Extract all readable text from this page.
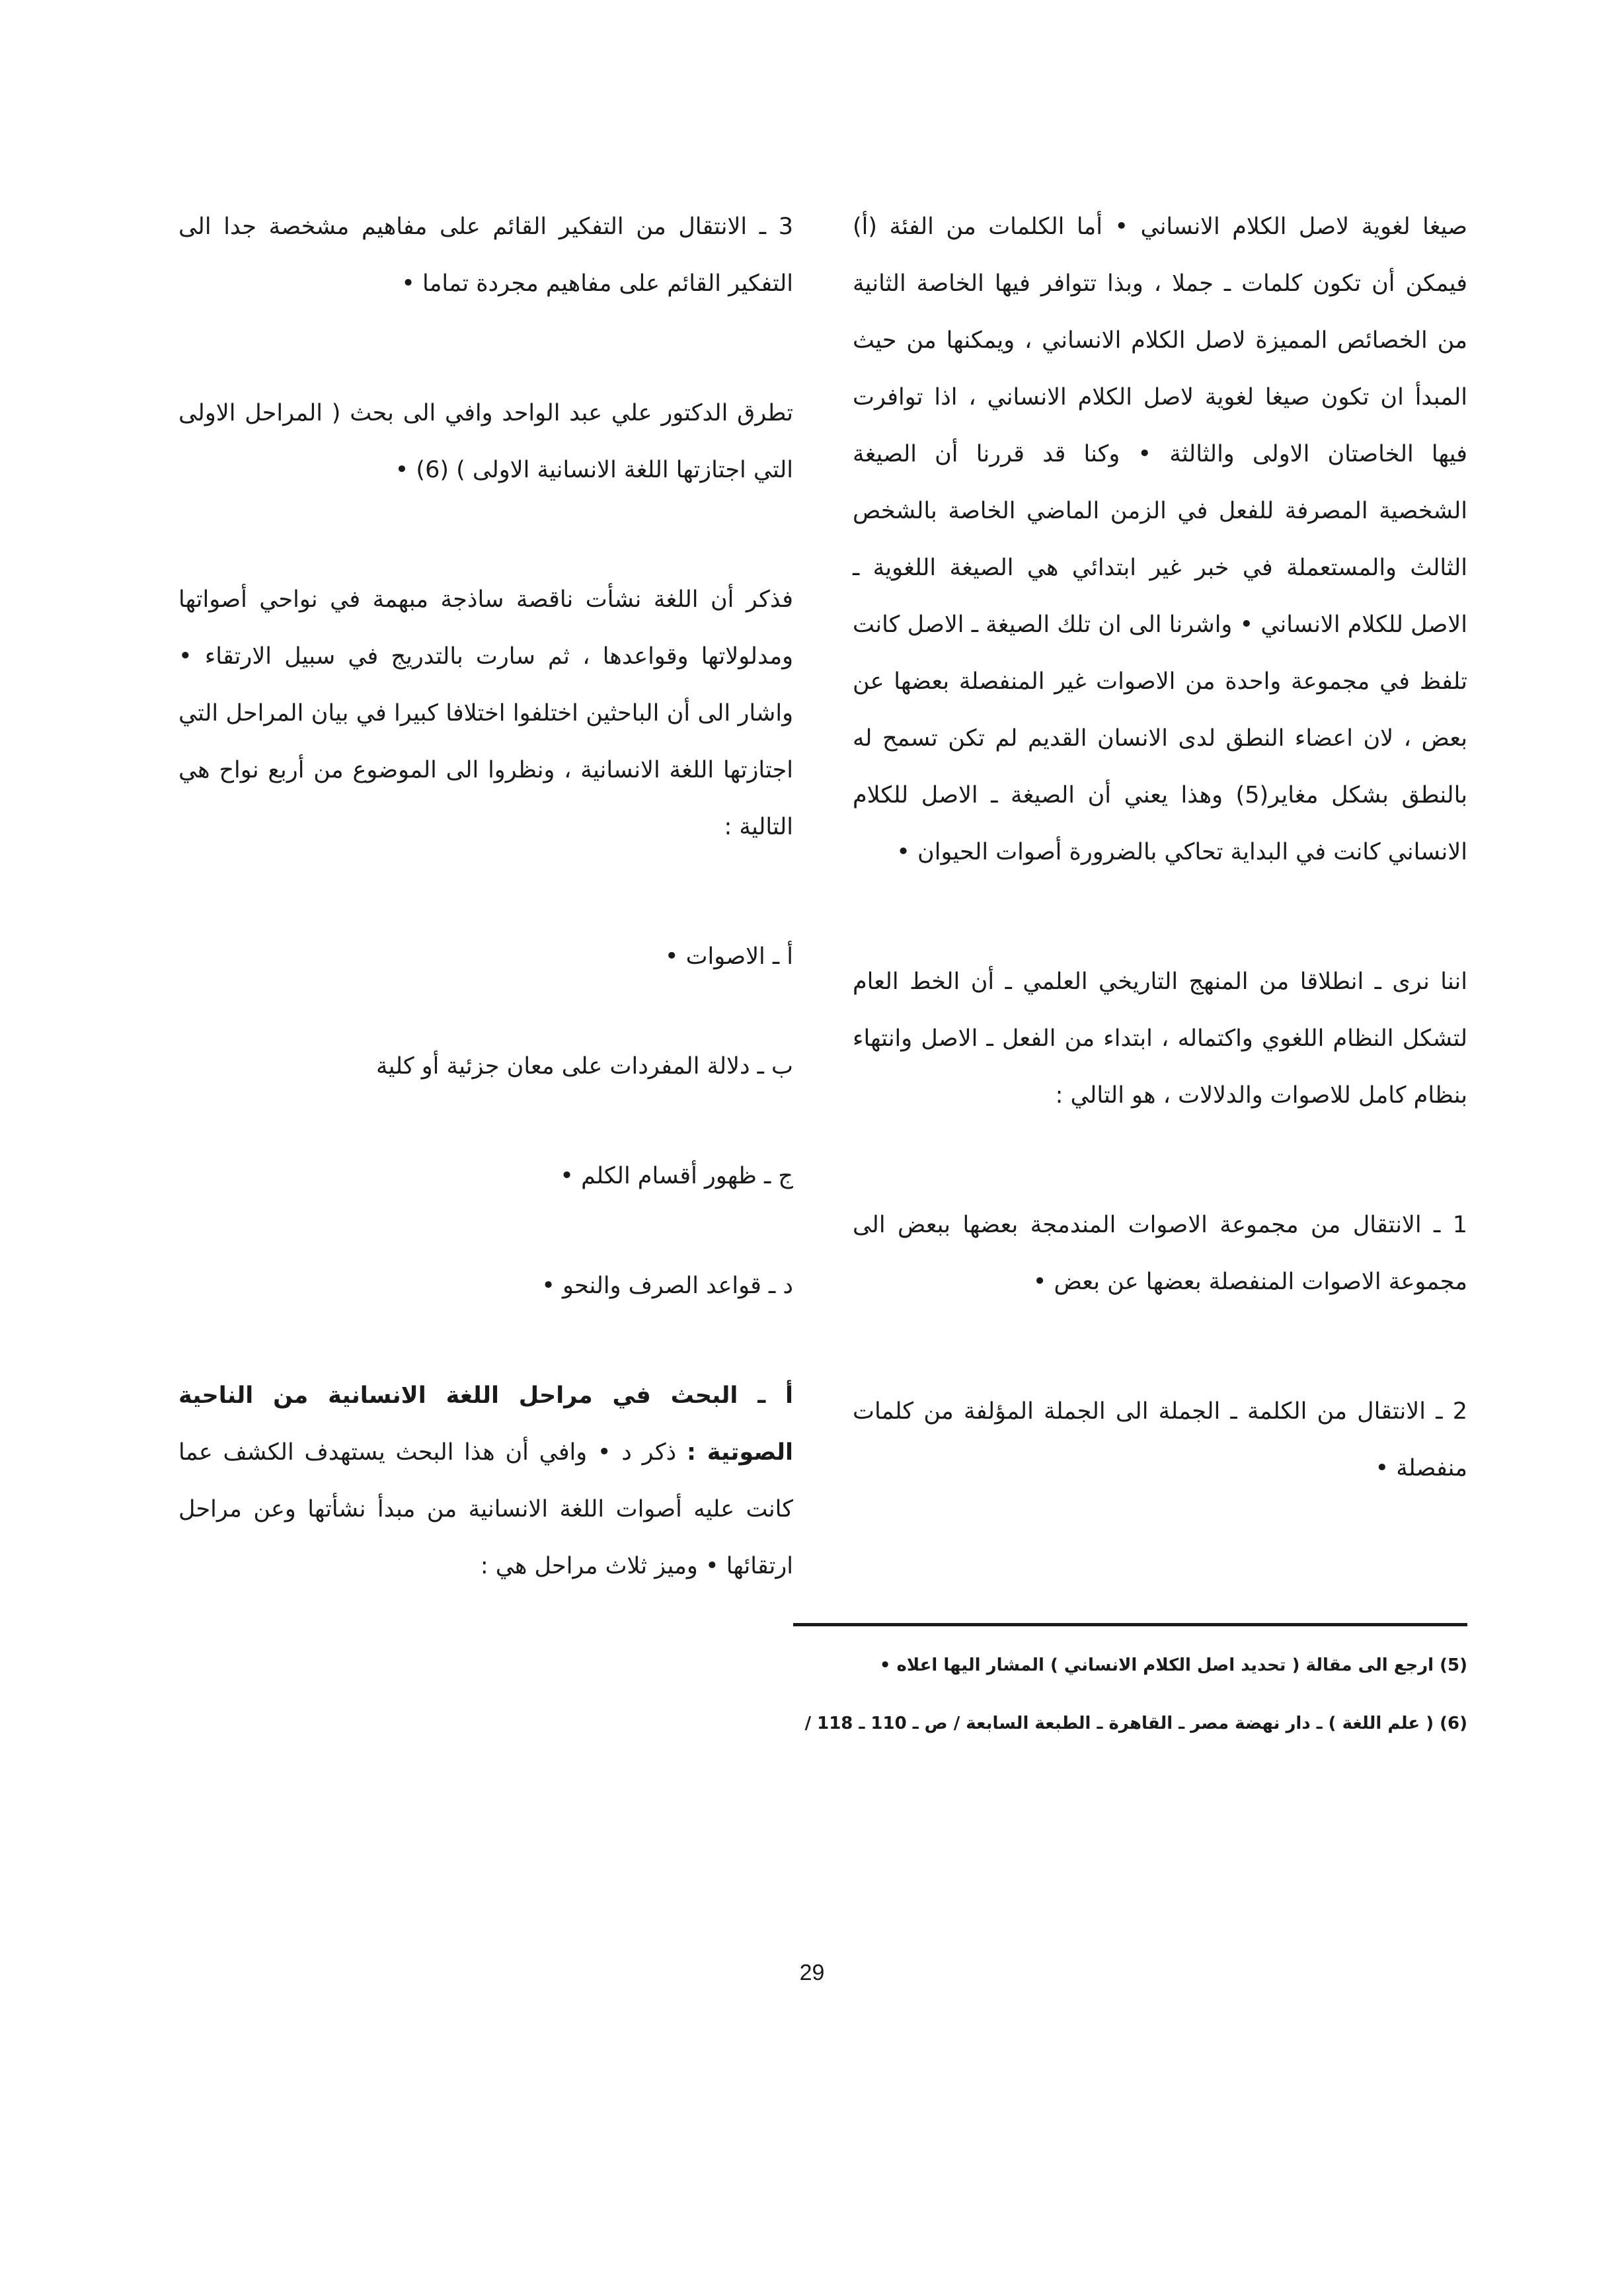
صيغا لغوية لاصل الكلام الانساني • أما الكلمات من الفئة (أ) فيمكن أن تكون كلمات ـ جملا ، وبذا تتوافر فيها الخاصة الثانية من الخصائص المميزة لاصل الكلام الانساني ، ويمكنها من حيث المبدأ ان تكون صيغا لغوية لاصل الكلام الانساني ، اذا توافرت فيها الخاصتان الاولى والثالثة • وكنا قد قررنا أن الصيغة الشخصية المصرفة للفعل في الزمن الماضي الخاصة بالشخص الثالث والمستعملة في خبر غير ابتدائي هي الصيغة اللغوية ـ الاصل للكلام الانساني • واشرنا الى ان تلك الصيغة ـ الاصل كانت تلفظ في مجموعة واحدة من الاصوات غير المنفصلة بعضها عن بعض ، لان اعضاء النطق لدى الانسان القديم لم تكن تسمح له بالنطق بشكل مغاير(5) وهذا يعني أن الصيغة ـ الاصل للكلام الانساني كانت في البداية تحاكي بالضرورة أصوات الحيوان •

اننا نرى ـ انطلاقا من المنهج التاريخي العلمي ـ أن الخط العام لتشكل النظام اللغوي واكتماله ، ابتداء من الفعل ـ الاصل وانتهاء بنظام كامل للاصوات والدلالات ، هو التالي :

1 ـ الانتقال من مجموعة الاصوات المندمجة بعضها ببعض الى مجموعة الاصوات المنفصلة بعضها عن بعض •

2 ـ الانتقال من الكلمة ـ الجملة الى الجملة المؤلفة من كلمات منفصلة •

3 ـ الانتقال من التفكير القائم على مفاهيم مشخصة جدا الى التفكير القائم على مفاهيم مجردة تماما •

تطرق الدكتور علي عبد الواحد وافي الى بحث ( المراحل الاولى التي اجتازتها اللغة الانسانية الاولى ) (6) •

فذكر أن اللغة نشأت ناقصة ساذجة مبهمة في نواحي أصواتها ومدلولاتها وقواعدها ، ثم سارت بالتدريج في سبيل الارتقاء • واشار الى أن الباحثين اختلفوا اختلافا كبيرا في بيان المراحل التي اجتازتها اللغة الانسانية ، ونظروا الى الموضوع من أربع نواح هي التالية :

أ ـ الاصوات •

ب ـ دلالة المفردات على معان جزئية أو كلية

ج ـ ظهور أقسام الكلم •

د ـ قواعد الصرف والنحو •

أ ـ البحث في مراحل اللغة الانسانية من الناحية الصوتية : ذكر د • وافي أن هذا البحث يستهدف الكشف عما كانت عليه أصوات اللغة الانسانية من مبدأ نشأتها وعن مراحل ارتقائها • وميز ثلاث مراحل هي :

(5) ارجع الى مقالة ( تحديد اصل الكلام الانساني ) المشار اليها اعلاه •

(6) ( علم اللغة ) ـ دار نهضة مصر ـ القاهرة ـ الطبعة السابعة / ص ـ 110 ـ 118 /

29
